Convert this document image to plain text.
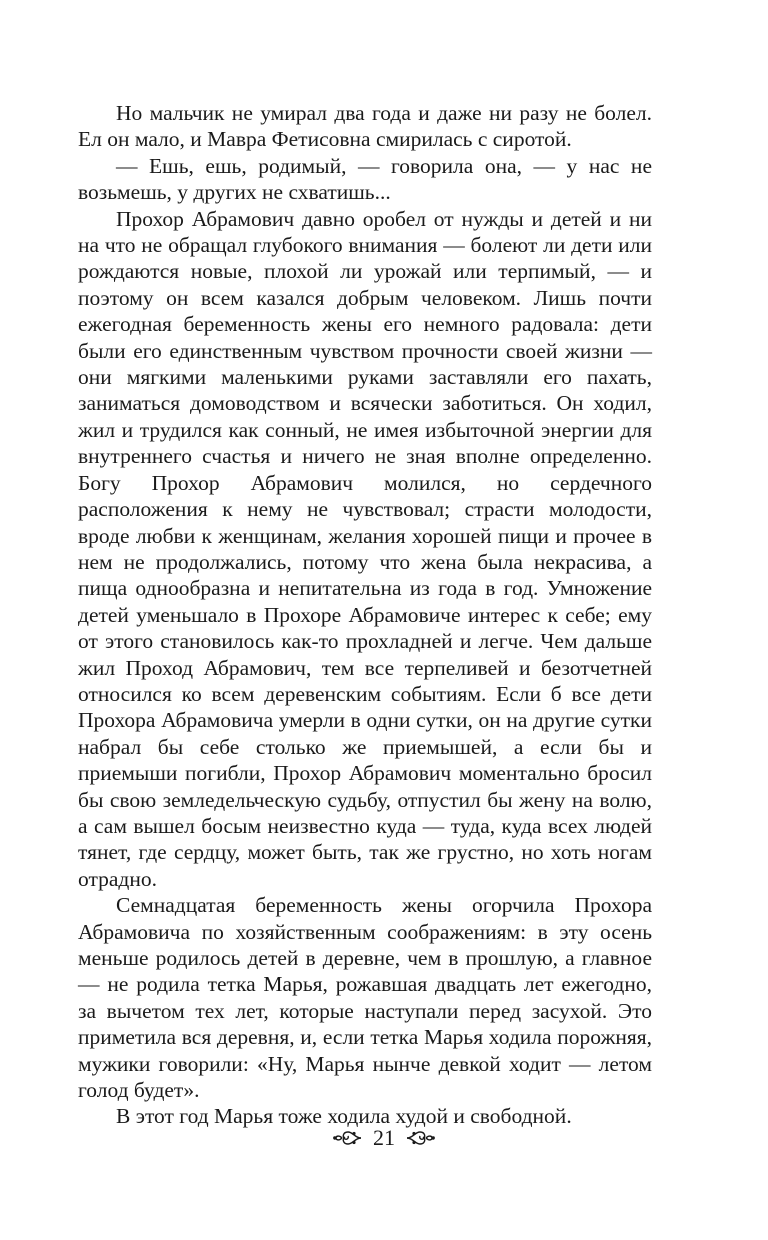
Но мальчик не умирал два года и даже ни разу не болел. Ел он мало, и Мавра Фетисовна смирилась с сиротой.

— Ешь, ешь, родимый, — говорила она, — у нас не возьмешь, у других не схватишь...

Прохор Абрамович давно оробел от нужды и детей и ни на что не обращал глубокого внимания — болеют ли дети или рождаются новые, плохой ли урожай или терпимый, — и поэтому он всем казался добрым человеком. Лишь почти ежегодная беременность жены его немного радовала: дети были его единственным чувством прочности своей жизни — они мягкими маленькими руками заставляли его пахать, заниматься домоводством и всячески заботиться. Он ходил, жил и трудился как сонный, не имея избыточной энергии для внутреннего счастья и ничего не зная вполне определенно. Богу Прохор Абрамович молился, но сердечного расположения к нему не чувствовал; страсти молодости, вроде любви к женщинам, желания хорошей пищи и прочее в нем не продолжались, потому что жена была некрасива, а пища однообразна и непитательна из года в год. Умножение детей уменьшало в Прохоре Абрамовиче интерес к себе; ему от этого становилось как-то прохладней и легче. Чем дальше жил Проход Абрамович, тем все терпеливей и безотчетней относился ко всем деревенским событиям. Если б все дети Прохора Абрамовича умерли в одни сутки, он на другие сутки набрал бы себе столько же приемышей, а если бы и приемыши погибли, Прохор Абрамович моментально бросил бы свою земледельческую судьбу, отпустил бы жену на волю, а сам вышел босым неизвестно куда — туда, куда всех людей тянет, где сердцу, может быть, так же грустно, но хоть ногам отрадно.

Семнадцатая беременность жены огорчила Прохора Абрамовича по хозяйственным соображениям: в эту осень меньше родилось детей в деревне, чем в прошлую, а главное — не родила тетка Марья, рожавшая двадцать лет ежегодно, за вычетом тех лет, которые наступали перед засухой. Это приметила вся деревня, и, если тетка Марья ходила порожняя, мужики говорили: «Ну, Марья нынче девкой ходит — летом голод будет».

В этот год Марья тоже ходила худой и свободной.

21
